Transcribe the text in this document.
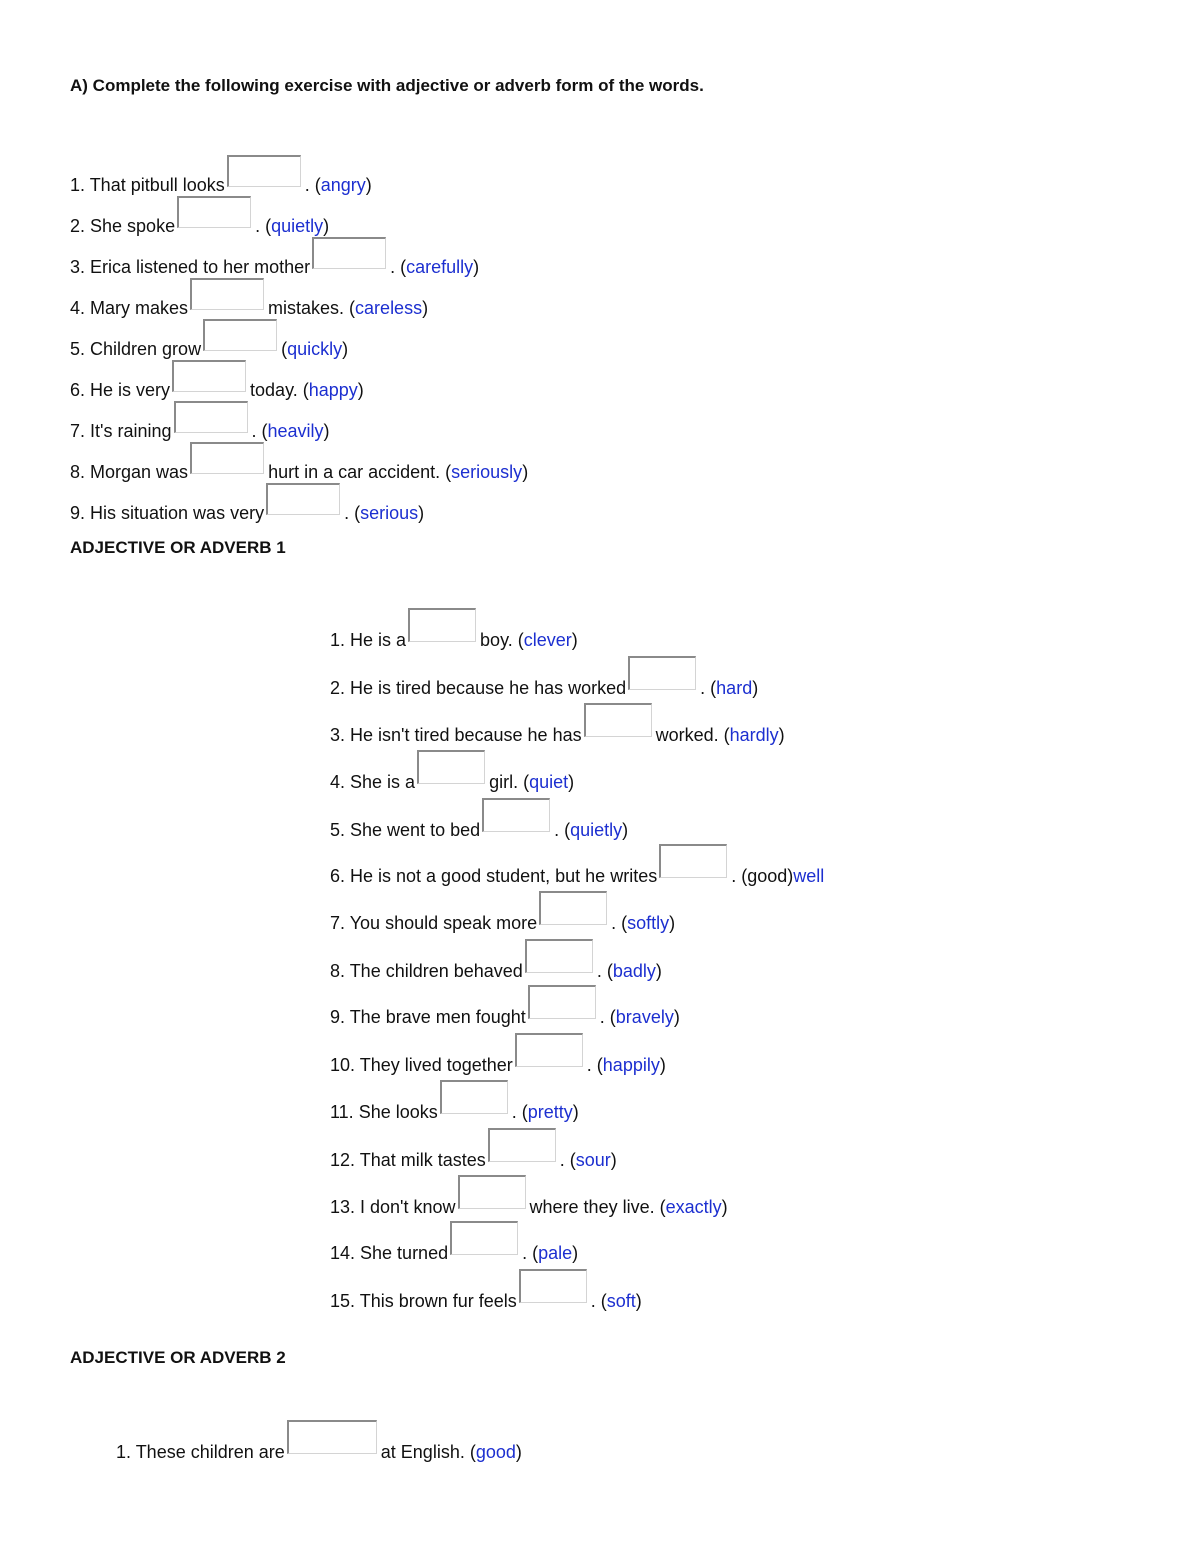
A) Complete the following exercise with adjective or adverb form of the words.
1. That pitbull looks	. ( angry )
2. She spoke	. ( quietly )
3. Erica listened to her mother	. ( carefully )
4. Mary makes	mistakes. ( careless )
5. Children grow	( quickly )
6. He is very	today. ( happy )
7. It's raining	. ( heavily )
8. Morgan was	hurt in a car accident. ( seriously )
9. His situation was very	. ( serious )
ADJECTIVE OR ADVERB 1
1. He is a	boy. ( clever )
2. He is tired because he has worked	. ( hard )
3. He isn't tired because he has	worked. ( hardly )
4. She is a	girl. ( quiet )
5. She went to bed	. ( quietly )
6. He is not a good student, but he writes	. ( good ) well
7. You should speak more	. ( softly )
8. The children behaved	. ( badly )
9. The brave men fought	. ( bravely )
10. They lived together	. ( happily )
11. She looks	. ( pretty )
12. That milk tastes	. ( sour )
13. I don't know	where they live. ( exactly )
14. She turned	. ( pale )
15. This brown fur feels	. ( soft )
ADJECTIVE OR ADVERB 2
1. These children are	at English. ( good )
